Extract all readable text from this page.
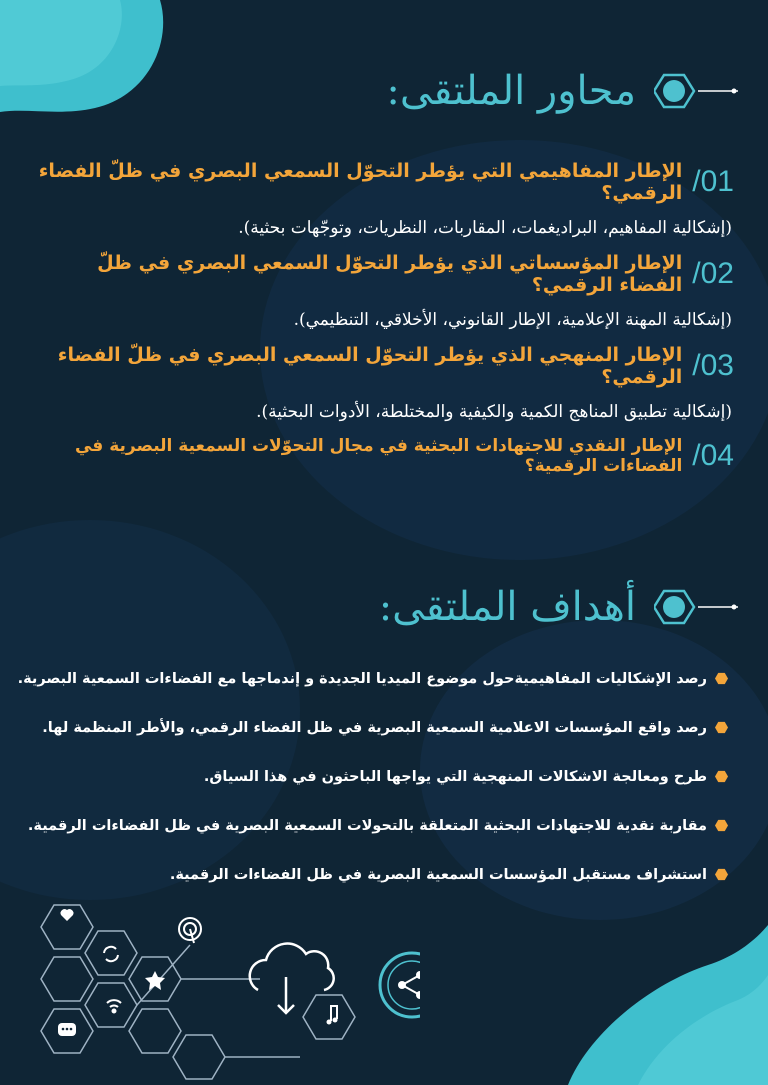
محاور الملتقى:
/01
الإطار المفاهيمي التي يؤطر التحوّل السمعي البصري في ظلّ الفضاء الرقمي؟
(إشكالية المفاهيم، البراديغمات، المقاربات، النظريات، وتوجّهات بحثية).
/02
الإطار المؤسساتي الذي يؤطر التحوّل السمعي البصري في ظلّ الفضاء الرقمي؟
(إشكالية المهنة الإعلامية، الإطار القانوني، الأخلاقي، التنظيمي).
/03
الإطار المنهجي الذي يؤطر التحوّل السمعي البصري في ظلّ الفضاء الرقمي؟
(إشكالية تطبيق المناهج الكمية والكيفية والمختلطة، الأدوات البحثية).
/04
الإطار النقدي للاجتهادات البحثية في مجال التحوّلات السمعية البصرية في الفضاءات الرقمية؟
أهداف الملتقى:
رصد الإشكاليات المفاهيميةحول موضوع الميديا الجديدة و إندماجها مع الفضاءات السمعية البصرية.
رصد واقع المؤسسات الاعلامية السمعية البصرية في ظل الفضاء الرقمي، والأطر المنظمة لها.
طرح ومعالجة الاشكالات المنهجية التي يواجها الباحثون في هذا السياق.
مقاربة نقدية للاجتهادات البحثية المتعلقة بالتحولات السمعية البصرية في ظل الفضاءات الرقمية.
استشراف مستقبل المؤسسات السمعية البصرية في ظل الفضاءات الرقمية.
